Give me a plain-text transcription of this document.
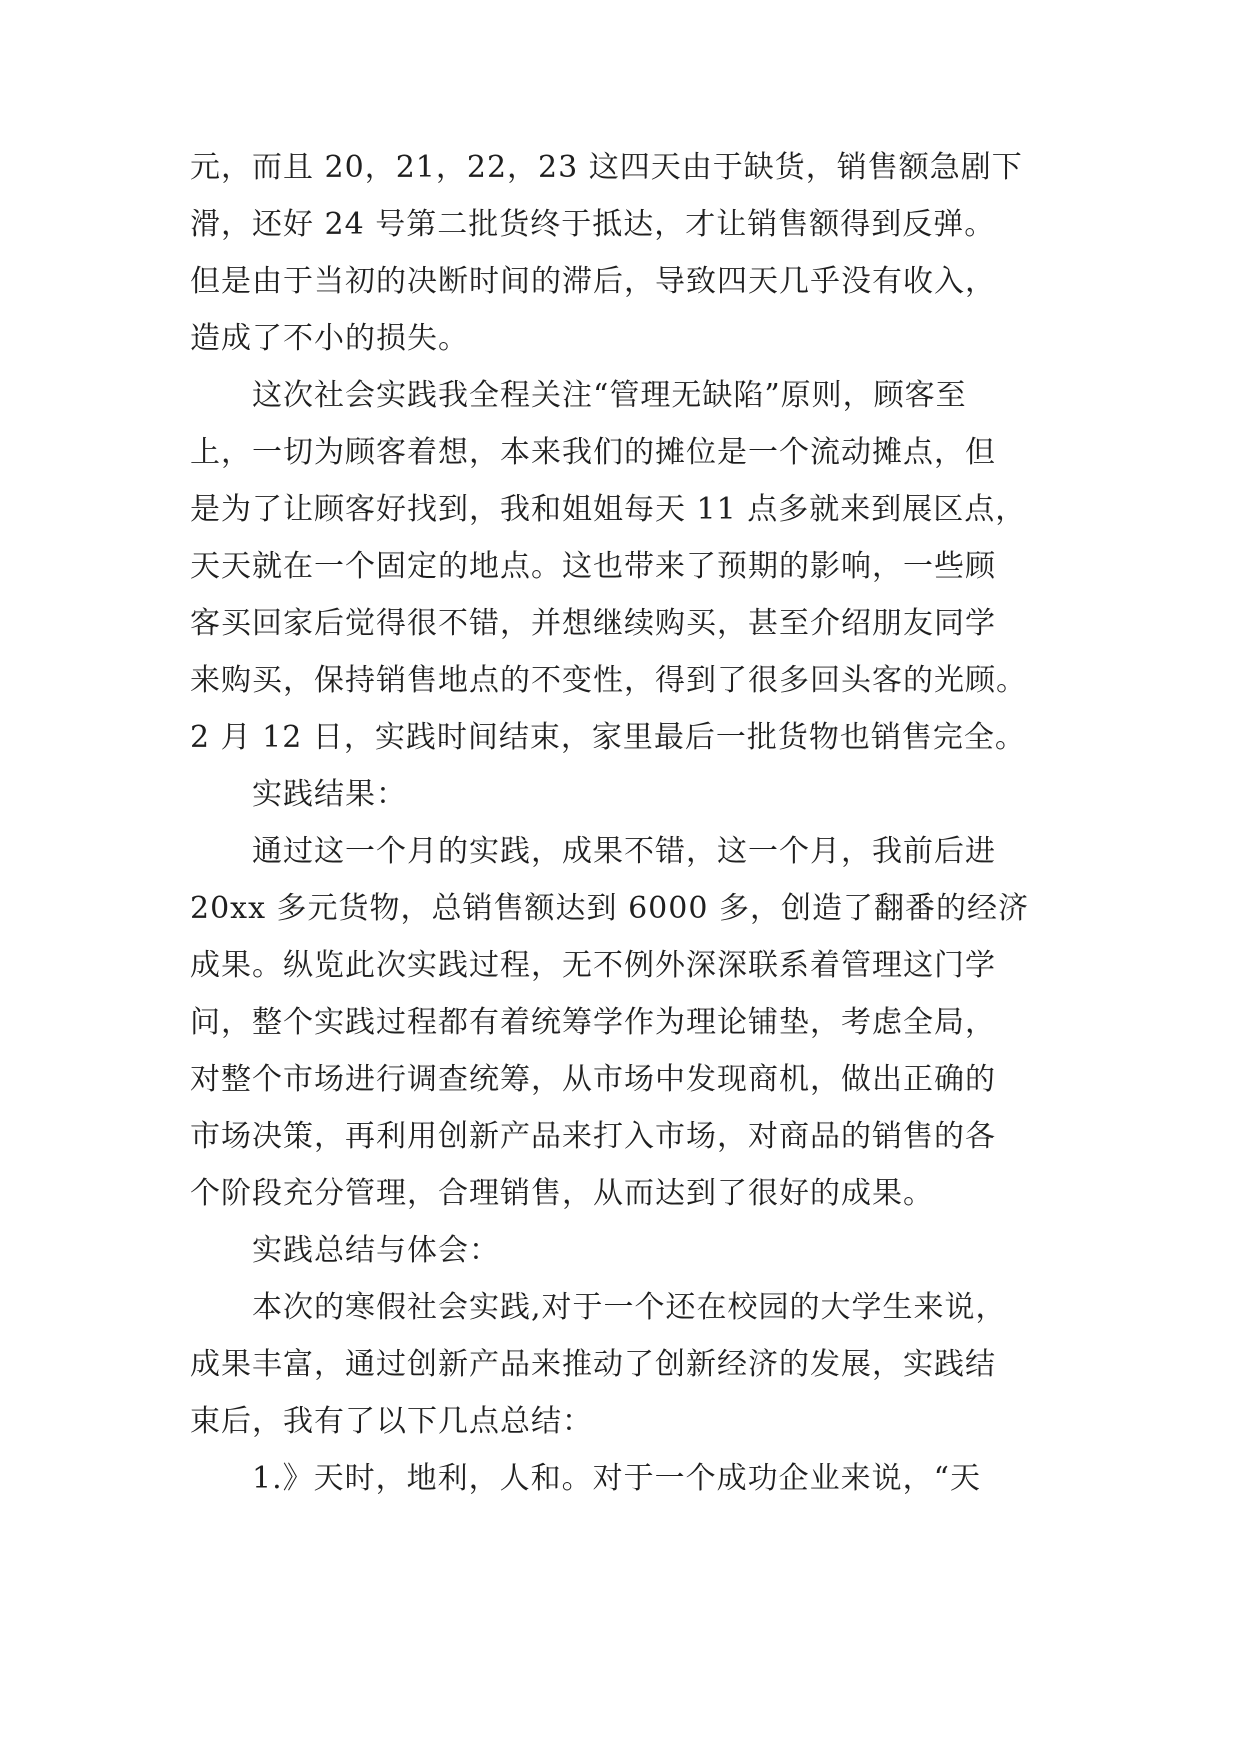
元，而且 20，21，22，23 这四天由于缺货，销售额急剧下
滑，还好 24 号第二批货终于抵达，才让销售额得到反弹。
但是由于当初的决断时间的滞后，导致四天几乎没有收入，
造成了不小的损失。
这次社会实践我全程关注“管理无缺陷”原则，顾客至
上，一切为顾客着想，本来我们的摊位是一个流动摊点，但
是为了让顾客好找到，我和姐姐每天 11 点多就来到展区点，
天天就在一个固定的地点。这也带来了预期的影响，一些顾
客买回家后觉得很不错，并想继续购买，甚至介绍朋友同学
来购买，保持销售地点的不变性，得到了很多回头客的光顾。
2 月 12 日，实践时间结束，家里最后一批货物也销售完全。
实践结果：
通过这一个月的实践，成果不错，这一个月，我前后进
20xx 多元货物，总销售额达到 6000 多，创造了翻番的经济
成果。纵览此次实践过程，无不例外深深联系着管理这门学
问，整个实践过程都有着统筹学作为理论铺垫，考虑全局，
对整个市场进行调查统筹，从市场中发现商机，做出正确的
市场决策，再利用创新产品来打入市场，对商品的销售的各
个阶段充分管理，合理销售，从而达到了很好的成果。
实践总结与体会：
本次的寒假社会实践,对于一个还在校园的大学生来说，
成果丰富，通过创新产品来推动了创新经济的发展，实践结
束后，我有了以下几点总结：
1.》天时，地利，人和。对于一个成功企业来说，“天
